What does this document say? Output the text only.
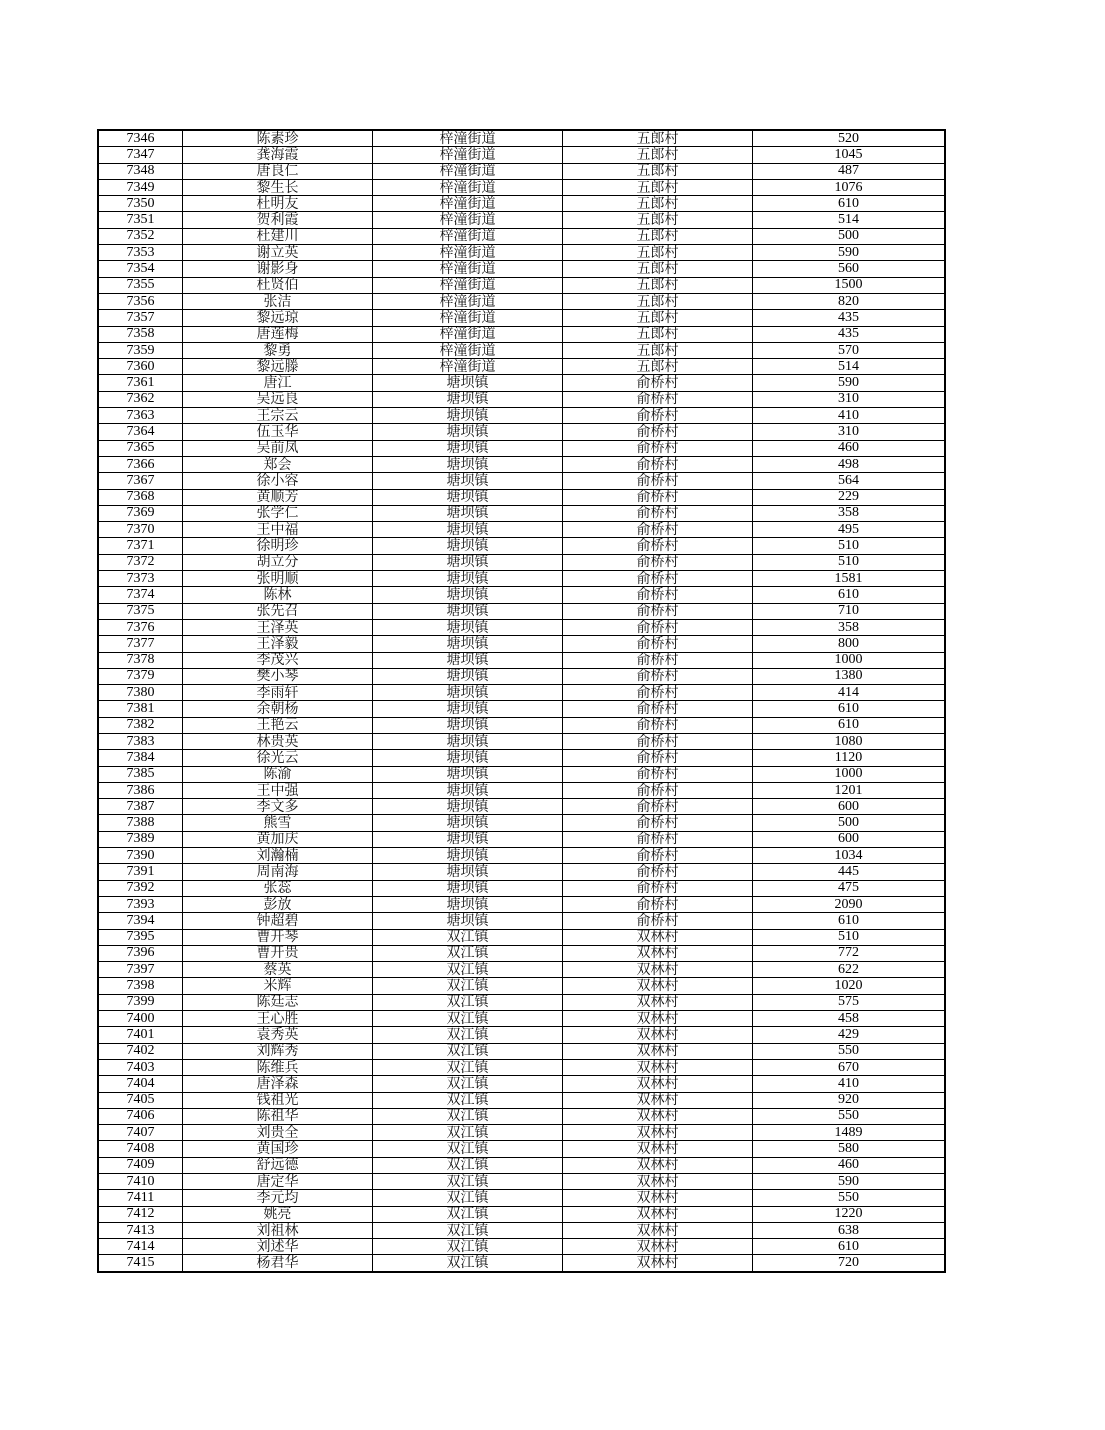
7346	陈素珍	梓潼街道	五郎村	520
7347	龚海霞	梓潼街道	五郎村	1045
7348	唐良仁	梓潼街道	五郎村	487
7349	黎生长	梓潼街道	五郎村	1076
7350	杜明友	梓潼街道	五郎村	610
7351	贺利霞	梓潼街道	五郎村	514
7352	杜建川	梓潼街道	五郎村	500
7353	谢立英	梓潼街道	五郎村	590
7354	谢影身	梓潼街道	五郎村	560
7355	杜贤伯	梓潼街道	五郎村	1500
7356	张洁	梓潼街道	五郎村	820
7357	黎远琼	梓潼街道	五郎村	435
7358	唐莲梅	梓潼街道	五郎村	435
7359	黎勇	梓潼街道	五郎村	570
7360	黎远滕	梓潼街道	五郎村	514
7361	唐江	塘坝镇	俞桥村	590
7362	吴远良	塘坝镇	俞桥村	310
7363	王宗云	塘坝镇	俞桥村	410
7364	伍玉华	塘坝镇	俞桥村	310
7365	吴前凤	塘坝镇	俞桥村	460
7366	郑会	塘坝镇	俞桥村	498
7367	徐小容	塘坝镇	俞桥村	564
7368	黄顺芳	塘坝镇	俞桥村	229
7369	张学仁	塘坝镇	俞桥村	358
7370	王中福	塘坝镇	俞桥村	495
7371	徐明珍	塘坝镇	俞桥村	510
7372	胡立分	塘坝镇	俞桥村	510
7373	张明顺	塘坝镇	俞桥村	1581
7374	陈林	塘坝镇	俞桥村	610
7375	张先召	塘坝镇	俞桥村	710
7376	王泽英	塘坝镇	俞桥村	358
7377	王泽毅	塘坝镇	俞桥村	800
7378	李茂兴	塘坝镇	俞桥村	1000
7379	樊小琴	塘坝镇	俞桥村	1380
7380	李雨轩	塘坝镇	俞桥村	414
7381	余朝杨	塘坝镇	俞桥村	610
7382	王艳云	塘坝镇	俞桥村	610
7383	林贵英	塘坝镇	俞桥村	1080
7384	徐光云	塘坝镇	俞桥村	1120
7385	陈渝	塘坝镇	俞桥村	1000
7386	王中强	塘坝镇	俞桥村	1201
7387	李文多	塘坝镇	俞桥村	600
7388	熊雪	塘坝镇	俞桥村	500
7389	黄加庆	塘坝镇	俞桥村	600
7390	刘瀚楠	塘坝镇	俞桥村	1034
7391	周南海	塘坝镇	俞桥村	445
7392	张蕊	塘坝镇	俞桥村	475
7393	彭放	塘坝镇	俞桥村	2090
7394	钟超碧	塘坝镇	俞桥村	610
7395	曹开琴	双江镇	双林村	510
7396	曹开贵	双江镇	双林村	772
7397	蔡英	双江镇	双林村	622
7398	米辉	双江镇	双林村	1020
7399	陈廷志	双江镇	双林村	575
7400	王心胜	双江镇	双林村	458
7401	袁秀英	双江镇	双林村	429
7402	刘辉秀	双江镇	双林村	550
7403	陈维兵	双江镇	双林村	670
7404	唐泽森	双江镇	双林村	410
7405	钱祖光	双江镇	双林村	920
7406	陈祖华	双江镇	双林村	550
7407	刘贵全	双江镇	双林村	1489
7408	黄国珍	双江镇	双林村	580
7409	舒远德	双江镇	双林村	460
7410	唐定华	双江镇	双林村	590
7411	李元均	双江镇	双林村	550
7412	姚亮	双江镇	双林村	1220
7413	刘祖林	双江镇	双林村	638
7414	刘述华	双江镇	双林村	610
7415	杨君华	双江镇	双林村	720
